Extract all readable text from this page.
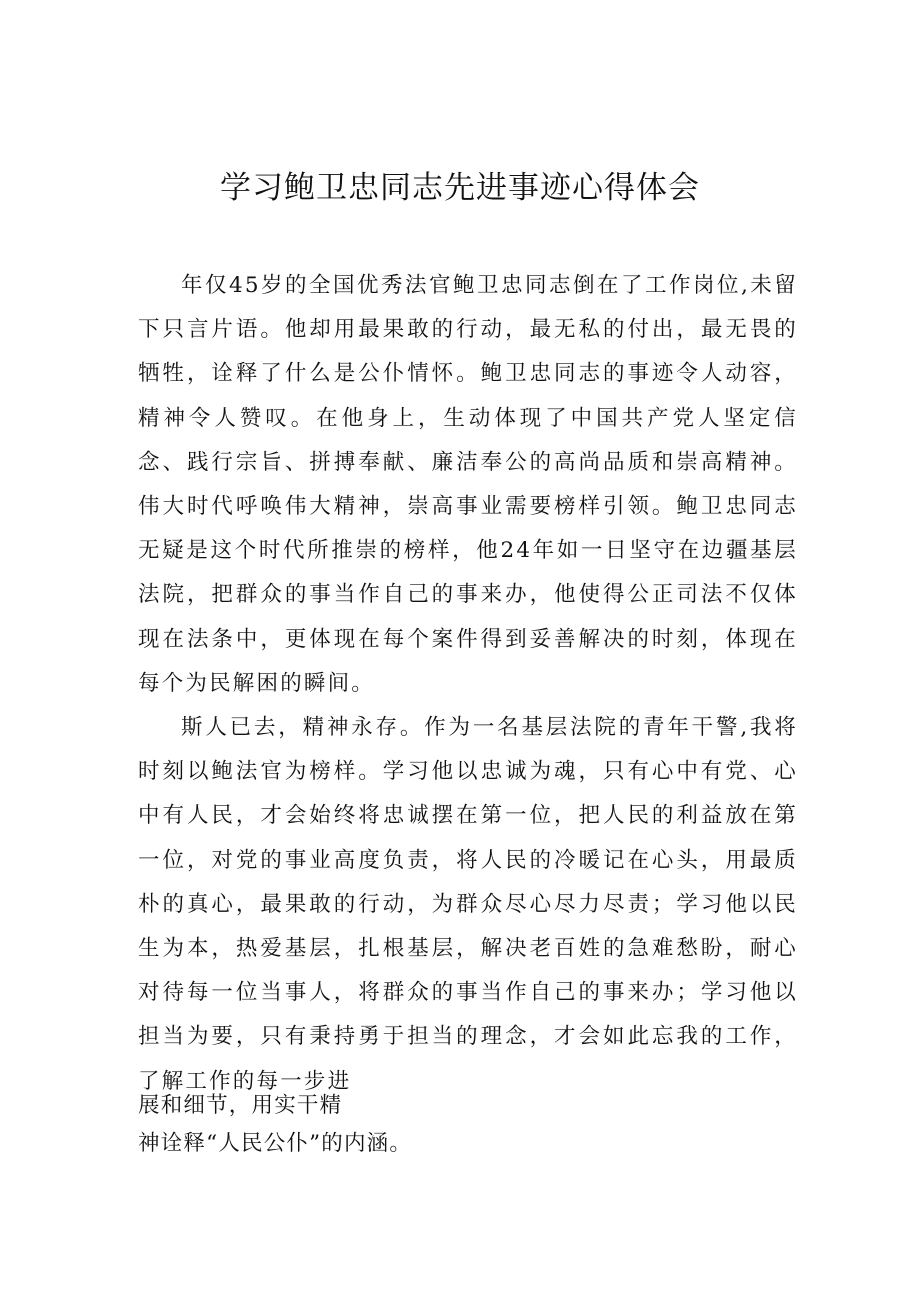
学习鲍卫忠同志先进事迹心得体会

年仅45岁的全国优秀法官鲍卫忠同志倒在了工作岗位,未留下只言片语。他却用最果敢的行动，最无私的付出，最无畏的牺牲，诠释了什么是公仆情怀。鲍卫忠同志的事迹令人动容，精神令人赞叹。在他身上，生动体现了中国共产党人坚定信念、践行宗旨、拼搏奉献、廉洁奉公的高尚品质和崇高精神。伟大时代呼唤伟大精神，崇高事业需要榜样引领。鲍卫忠同志无疑是这个时代所推崇的榜样，他24年如一日坚守在边疆基层法院，把群众的事当作自己的事来办，他使得公正司法不仅体现在法条中，更体现在每个案件得到妥善解决的时刻，体现在每个为民解困的瞬间。

斯人已去，精神永存。作为一名基层法院的青年干警,我将时刻以鲍法官为榜样。学习他以忠诚为魂，只有心中有党、心中有人民，才会始终将忠诚摆在第一位，把人民的利益放在第一位，对党的事业高度负责，将人民的冷暖记在心头，用最质朴的真心，最果敢的行动，为群众尽心尽力尽责；学习他以民生为本，热爱基层，扎根基层，解决老百姓的急难愁盼，耐心对待每一位当事人，将群众的事当作自己的事来办；学习他以担当为要，只有秉持勇于担当的理念，才会如此忘我的工作，了解工作的每一步进

展和细节，用实干精

神诠释“人民公仆”的内涵。
